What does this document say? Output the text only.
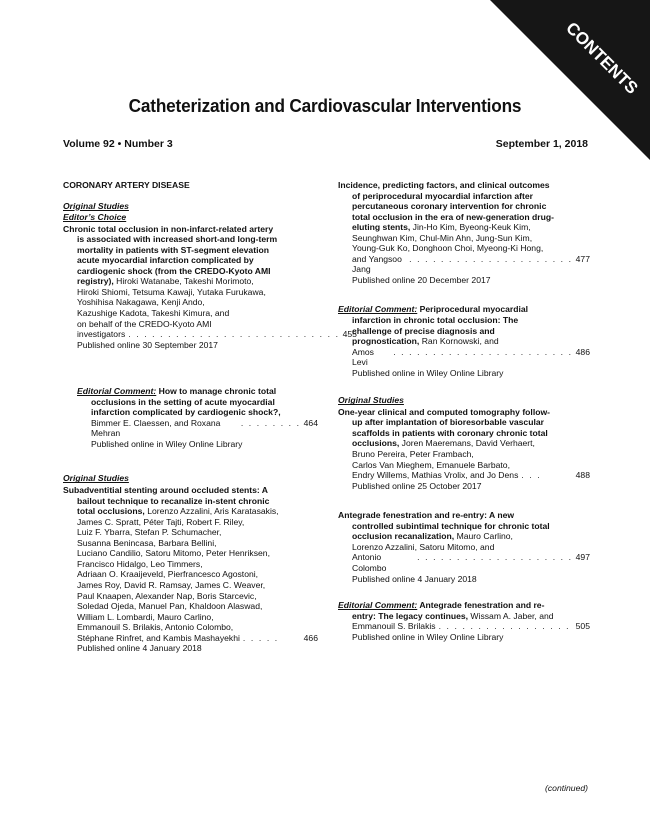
CONTENTS
Catheterization and Cardiovascular Interventions
Volume 92 • Number 3	September 1, 2018

CORONARY ARTERY DISEASE

Original Studies

Editor’s Choice

Chronic total occlusion in non-infarct-related artery
is associated with increased short-and long-term
mortality in patients with ST-segment elevation
acute myocardial infarction complicated by
cardiogenic shock (from the CREDO-Kyoto AMI
registry), Hiroki Watanabe, Takeshi Morimoto,
Hiroki Shiomi, Tetsuma Kawaji, Yutaka Furukawa,
Yoshihisa Nakagawa, Kenji Ando,
Kazushige Kadota, Takeshi Kimura, and
on behalf of the CREDO-Kyoto AMI
investigators . . . . . . . . . . . . . . . . . . . . . . . . . . . 455

Published online 30 September 2017

Editorial Comment: How to manage chronic total
occlusions in the setting of acute myocardial
infarction complicated by cardiogenic shock?,
Bimmer E. Claessen, and Roxana Mehran
. . . . . . . . 464

Published online in Wiley Online Library

Original Studies

Subadventitial stenting around occluded stents: A
bailout technique to recanalize in-stent chronic
total occlusions, Lorenzo Azzalini, Aris Karatasakis,
James C. Spratt, Péter Tajti, Robert F. Riley,
Luiz F. Ybarra, Stefan P. Schumacher,
Susanna Benincasa, Barbara Bellini,
Luciano Candilio, Satoru Mitomo, Peter Henriksen,
Francisco Hidalgo, Leo Timmers,
Adriaan O. Kraaijeveld, Pierfrancesco Agostoni,
James Roy, David R. Ramsay, James C. Weaver,
Paul Knaapen, Alexander Nap, Boris Starcevic,
Soledad Ojeda, Manuel Pan, Khaldoon Alaswad,
William L. Lombardi, Mauro Carlino,
Emmanouil S. Brilakis, Antonio Colombo,
Stéphane Rinfret, and Kambis Mashayekhi . . . . .	466

Published online 4 January 2018

Incidence, predicting factors, and clinical outcomes
of periprocedural myocardial infarction after
percutaneous coronary intervention for chronic
total occlusion in the era of new-generation drug-
eluting stents, Jin-Ho Kim, Byeong-Keuk Kim,
Seunghwan Kim, Chul-Min Ahn, Jung-Sun Kim,
Young-Guk Ko, Donghoon Choi, Myeong-Ki Hong,
and Yangsoo Jang
. . . . . . . . . . . . . . . . . . . . . 477

Published online 20 December 2017

Editorial Comment: Periprocedural myocardial
infarction in chronic total occlusion: The
challenge of precise diagnosis and
prognostication, Ran Kornowski, and
Amos Levi
. . . . . . . . . . . . . . . . . . . . . . . 486

Published online in Wiley Online Library

Original Studies

One-year clinical and computed tomography follow-
up after implantation of bioresorbable vascular
scaffolds in patients with coronary chronic total
occlusions, Joren Maeremans, David Verhaert,
Bruno Pereira, Peter Frambach,
Carlos Van Mieghem, Emanuele Barbato,
Endry Willems, Mathias Vrolix, and Jo Dens . . .	488

Published online 25 October 2017

Antegrade fenestration and re-entry: A new
controlled subintimal technique for chronic total
occlusion recanalization, Mauro Carlino,
Lorenzo Azzalini, Satoru Mitomo, and
Antonio Colombo
. . . . . . . . . . . . . . . . . . . . 497

Published online 4 January 2018

Editorial Comment: Antegrade fenestration and re-
entry: The legacy continues, Wissam A. Jaber, and
Emmanouil S. Brilakis . . . . . . . . . . . . . . . . . 505

Published online in Wiley Online Library

(continued)
